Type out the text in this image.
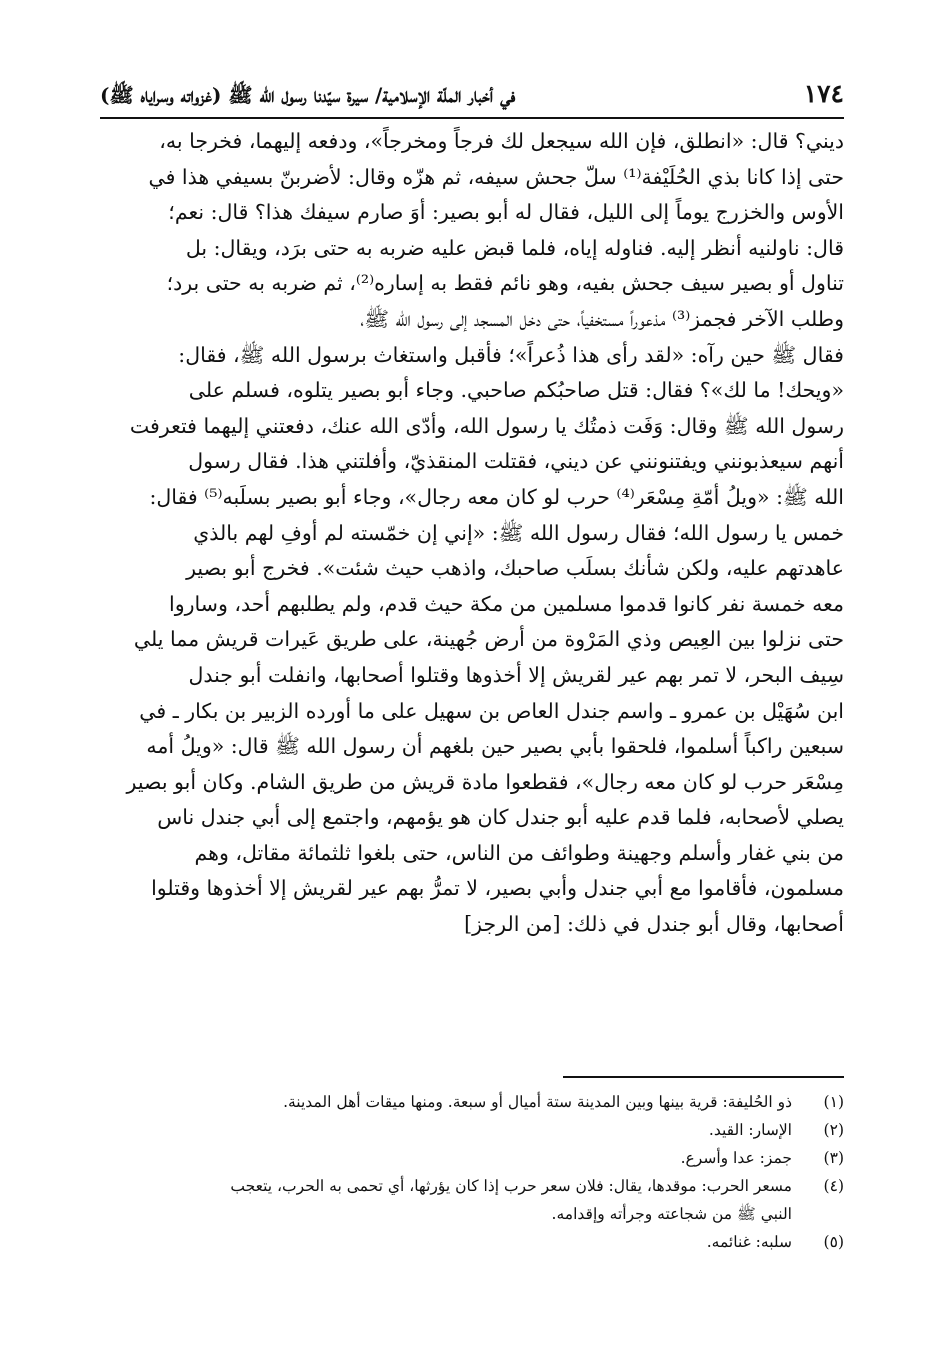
١٧٤
في أخبار الملّة الإسلامية/ سيرة سيّدنا رسول الله ﷺ (غزواته وسراياه ﷺ)
ديني؟ قال: «انطلق، فإن الله سيجعل لك فرجاً ومخرجاً»، ودفعه إليهما، فخرجا به،
حتى إذا كانا بذي الحُلَيْفة⁽¹⁾ سلّ جحش سيفه، ثم هزّه وقال: لأضربنّ بسيفي هذا في
الأوس والخزرج يوماً إلى الليل، فقال له أبو بصير: أوَ صارم سيفك هذا؟ قال: نعم؛
قال: ناولنيه أنظر إليه. فناوله إياه، فلما قبض عليه ضربه به حتى برَد، ويقال: بل
تناول أو بصير سيف جحش بفيه، وهو نائم فقط به إساره⁽²⁾، ثم ضربه به حتى برد؛
وطلب الآخر فجمز⁽³⁾ مذعوراً مستخفياً، حتى دخل المسجد إلى رسول الله ﷺ،
فقال ﷺ حين رآه: «لقد رأى هذا ذُعراً»؛ فأقبل واستغاث برسول الله ﷺ، فقال:
«ويحك! ما لك»؟ فقال: قتل صاحبُكم صاحبي. وجاء أبو بصير يتلوه، فسلم على
رسول الله ﷺ وقال: وَفَت ذمتُك يا رسول الله، وأدّى الله عنك، دفعتني إليهما فتعرفت
أنهم سيعذبونني ويفتنونني عن ديني، فقتلت المنقذيّ، وأفلتني هذا. فقال رسول
الله ﷺ: «ويلُ أمّةِ مِسْعَر⁽⁴⁾ حرب لو كان معه رجال»، وجاء أبو بصير بسلَبه⁽⁵⁾ فقال:
خمس يا رسول الله؛ فقال رسول الله ﷺ: «إني إن خمّسته لم أوفِ لهم بالذي
عاهدتهم عليه، ولكن شأنك بسلَب صاحبك، واذهب حيث شئت». فخرج أبو بصير
معه خمسة نفر كانوا قدموا مسلمين من مكة حيث قدم، ولم يطلبهم أحد، وساروا
حتى نزلوا بين العِيص وذي المَرْوة من أرض جُهينة، على طريق عَيرات قريش مما يلي
سِيف البحر، لا تمر بهم عير لقريش إلا أخذوها وقتلوا أصحابها، وانفلت أبو جندل
ابن سُهَيْل بن عمرو ـ واسم جندل العاص بن سهيل على ما أورده الزبير بن بكار ـ في
سبعين راكباً أسلموا، فلحقوا بأبي بصير حين بلغهم أن رسول الله ﷺ قال: «ويلُ أمه
مِسْعَر حرب لو كان معه رجال»، فقطعوا مادة قريش من طريق الشام. وكان أبو بصير
يصلي لأصحابه، فلما قدم عليه أبو جندل كان هو يؤمهم، واجتمع إلى أبي جندل ناس
من بني غفار وأسلم وجهينة وطوائف من الناس، حتى بلغوا ثلثمائة مقاتل، وهم
مسلمون، فأقاموا مع أبي جندل وأبي بصير، لا تمرُّ بهم عير لقريش إلا أخذوها وقتلوا
أصحابها، وقال أبو جندل في ذلك: [من الرجز]
(١)
ذو الحُليفة: قرية بينها وبين المدينة ستة أميال أو سبعة. ومنها ميقات أهل المدينة.
(٢)
الإسار: القيد.
(٣)
جمز: عدا وأسرع.
(٤)
مسعر الحرب: موقدها، يقال: فلان سعر حرب إذا كان يؤرثها، أي تحمى به الحرب، يتعجب
النبي ﷺ من شجاعته وجرأته وإقدامه.
(٥)
سلبه: غنائمه.
